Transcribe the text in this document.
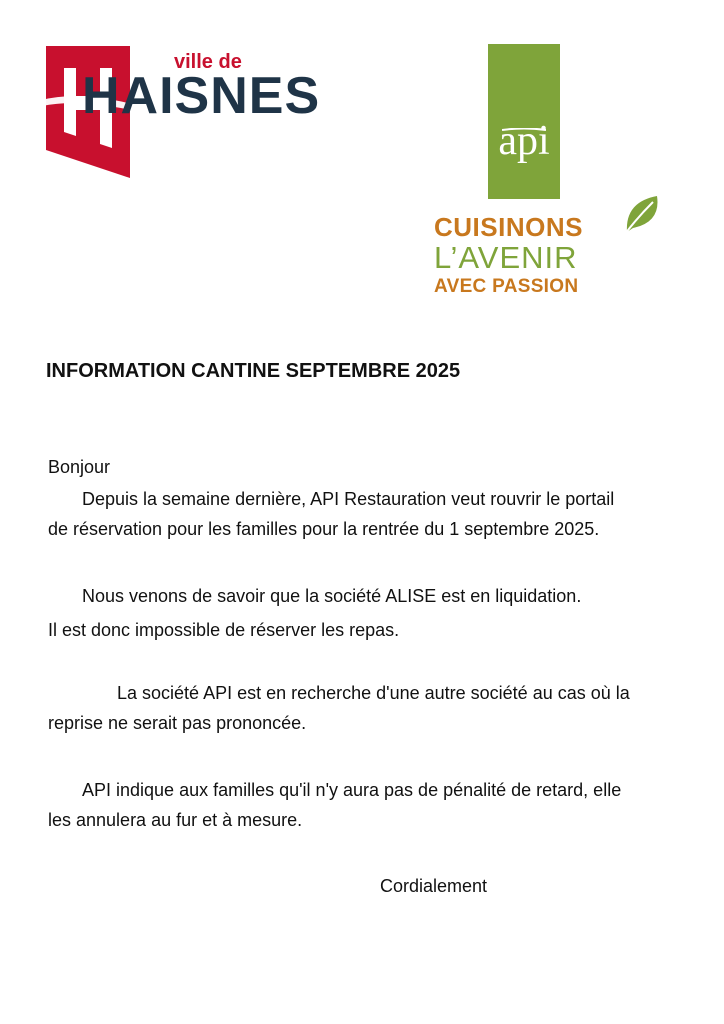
ville de
HAISNES
api
CUISINONS
L’AVENIR
AVEC PASSION
INFORMATION CANTINE SEPTEMBRE 2025
Bonjour
Depuis la semaine dernière, API Restauration veut rouvrir le portail
de réservation pour les familles pour la rentrée du 1 septembre 2025.
Nous venons de savoir que la société ALISE est en liquidation.
Il est donc impossible de réserver les repas.
La société API est en recherche d'une autre société au cas où la
reprise ne serait pas prononcée.
API indique aux familles qu'il n'y aura pas de pénalité de retard, elle
les annulera au fur et à mesure.
Cordialement
